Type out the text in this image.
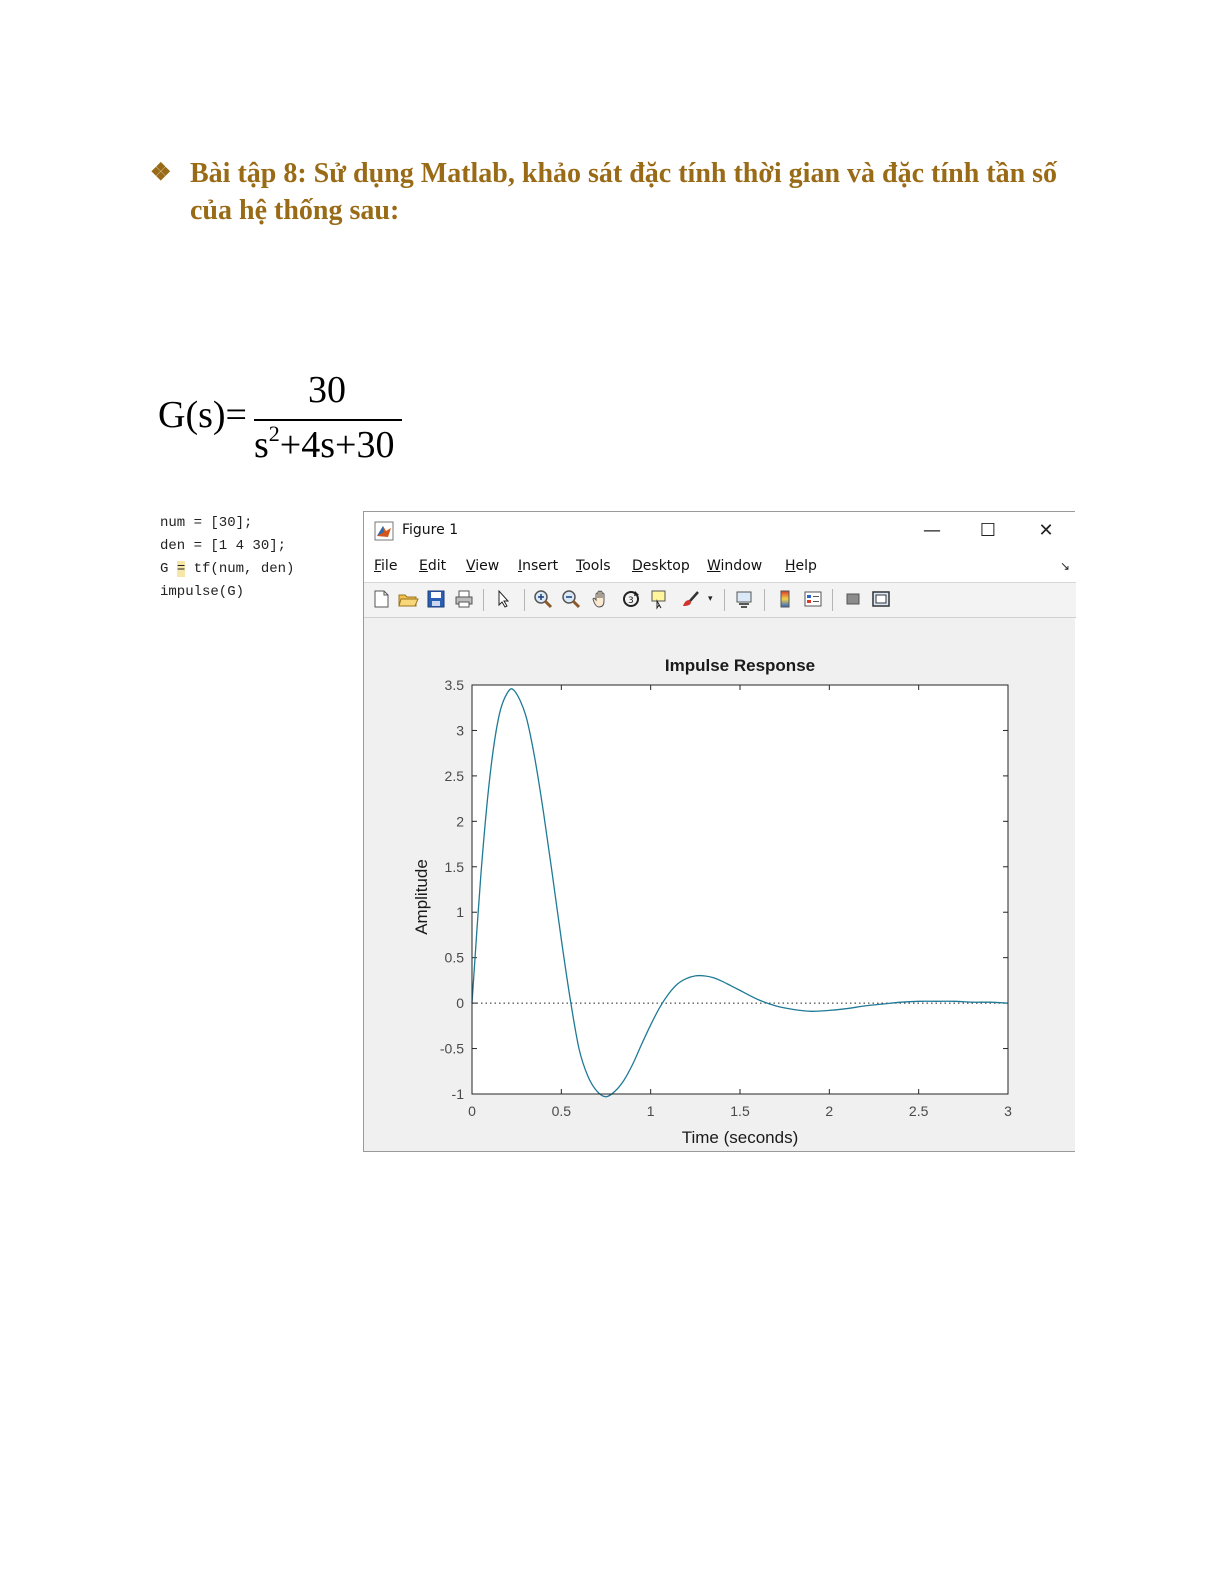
❖ Bài tập 8: Sử dụng Matlab, khảo sát đặc tính thời gian và đặc tính tần số của hệ thống sau:
G(s)=
30
$s^2+4s+30$
num = [30];
den = [1 4 30];
G = tf(num, den)
impulse(G)
Figure 1	—	☐	✕
File Edit View Insert Tools Desktop Window Help	↘
3	▾
Impulse Response
0	0.5	1	1.5	2	2.5	3
-1
-0.5
0
0.5
1
1.5
2
2.5
3
3.5
Time (seconds)
Amplitude
